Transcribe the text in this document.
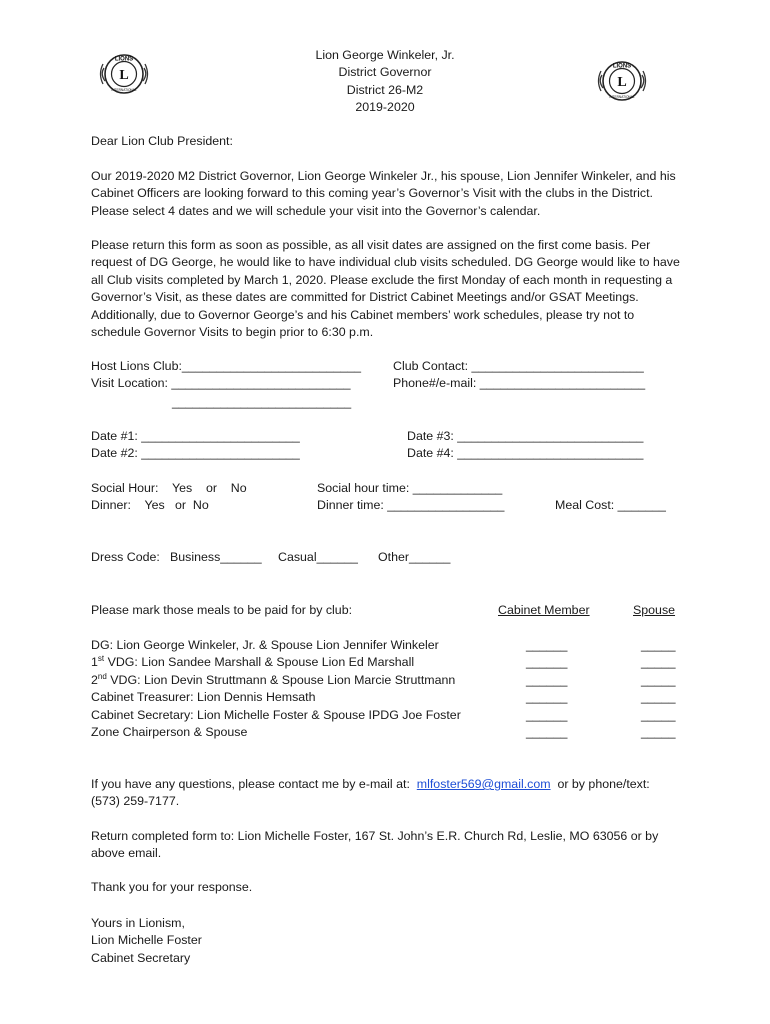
L
LIONS
INTERNATIONAL	L
LIONS
INTERNATIONAL
Lion George Winkeler, Jr.
District Governor
District 26-M2
2019-2020
Dear Lion Club President:
Our 2019-2020 M2 District Governor, Lion George Winkeler Jr., his spouse, Lion Jennifer Winkeler, and his Cabinet Officers are looking forward to this coming year’s Governor’s Visit with the clubs in the District. Please select 4 dates and we will schedule your visit into the Governor’s calendar.
Please return this form as soon as possible, as all visit dates are assigned on the first come basis. Per request of DG George, he would like to have individual club visits scheduled. DG George would like to have all Club visits completed by March 1, 2020. Please exclude the first Monday of each month in requesting a Governor’s Visit, as these dates are committed for District Cabinet Meetings and/or GSAT Meetings. Additionally, due to Governor George’s and his Cabinet members’ work schedules, please try not to schedule Governor Visits to begin prior to 6:30 p.m.
Host Lions Club:__________________________
Visit Location: __________________________
__________________________
Club Contact: _________________________
Phone#/e-mail: ________________________
Date #1: _______________________
Date #2: _______________________
Date #3: ___________________________
Date #4: ___________________________
Social Hour:    Yes    or    No
Dinner:    Yes   or  No
Social hour time: _____________
Dinner time: _________________	Meal Cost: _______
Dress Code: Business______ Casual______ Other______
Please mark those meals to be paid for by club:	Cabinet Member	Spouse
DG: Lion George Winkeler, Jr. & Spouse Lion Jennifer Winkeler	______	_____
1st VDG: Lion Sandee Marshall & Spouse Lion Ed Marshall	______	_____
2nd VDG: Lion Devin Struttmann & Spouse Lion Marcie Struttmann	______	_____
Cabinet Treasurer: Lion Dennis Hemsath	______	_____
Cabinet Secretary: Lion Michelle Foster & Spouse IPDG Joe Foster	______	_____
Zone Chairperson & Spouse	______	_____
If you have any questions, please contact me by e-mail at:  mlfoster569@gmail.com  or by phone/text:
(573) 259-7177.
Return completed form to: Lion Michelle Foster, 167 St. John’s E.R. Church Rd, Leslie, MO 63056 or by
above email.
Thank you for your response.
Yours in Lionism,
Lion Michelle Foster
Cabinet Secretary
